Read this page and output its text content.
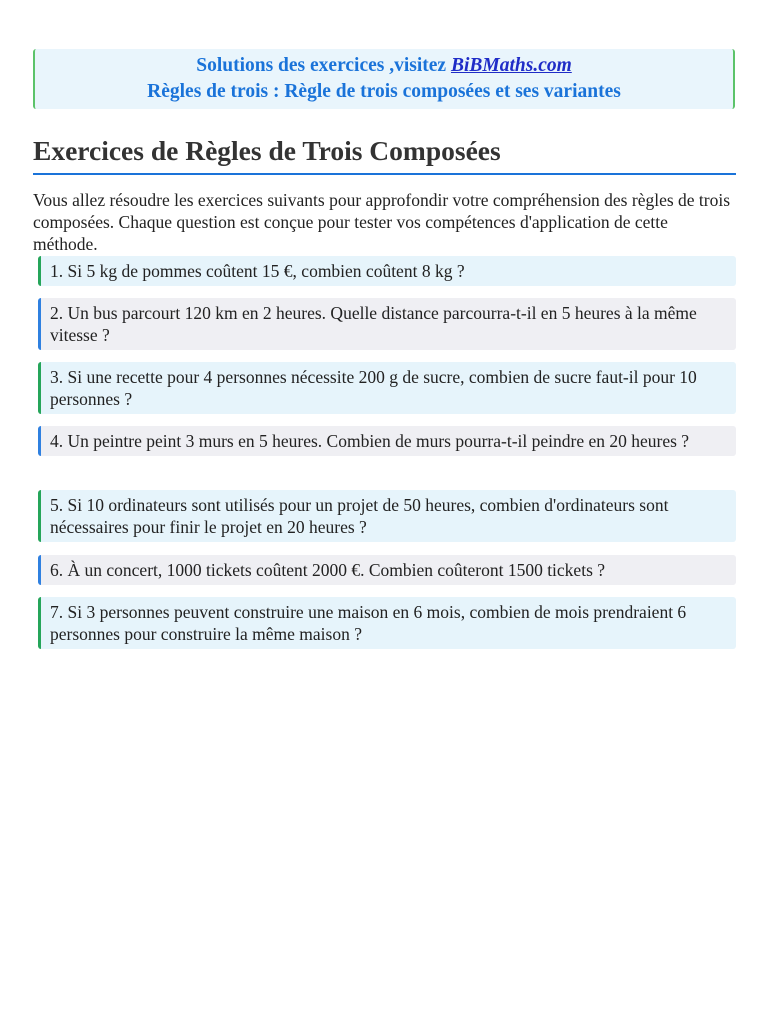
Solutions des exercices ,visitez BiBMaths.com
Règles de trois : Règle de trois composées et ses variantes
Exercices de Règles de Trois Composées
Vous allez résoudre les exercices suivants pour approfondir votre compréhension des règles de trois composées. Chaque question est conçue pour tester vos compétences d'application de cette méthode.
1. Si 5 kg de pommes coûtent 15 €, combien coûtent 8 kg ?
2. Un bus parcourt 120 km en 2 heures. Quelle distance parcourra-t-il en 5 heures à la même vitesse ?
3. Si une recette pour 4 personnes nécessite 200 g de sucre, combien de sucre faut-il pour 10 personnes ?
4. Un peintre peint 3 murs en 5 heures. Combien de murs pourra-t-il peindre en 20 heures ?
5. Si 10 ordinateurs sont utilisés pour un projet de 50 heures, combien d'ordinateurs sont nécessaires pour finir le projet en 20 heures ?
6. À un concert, 1000 tickets coûtent 2000 €. Combien coûteront 1500 tickets ?
7. Si 3 personnes peuvent construire une maison en 6 mois, combien de mois prendraient 6 personnes pour construire la même maison ?
